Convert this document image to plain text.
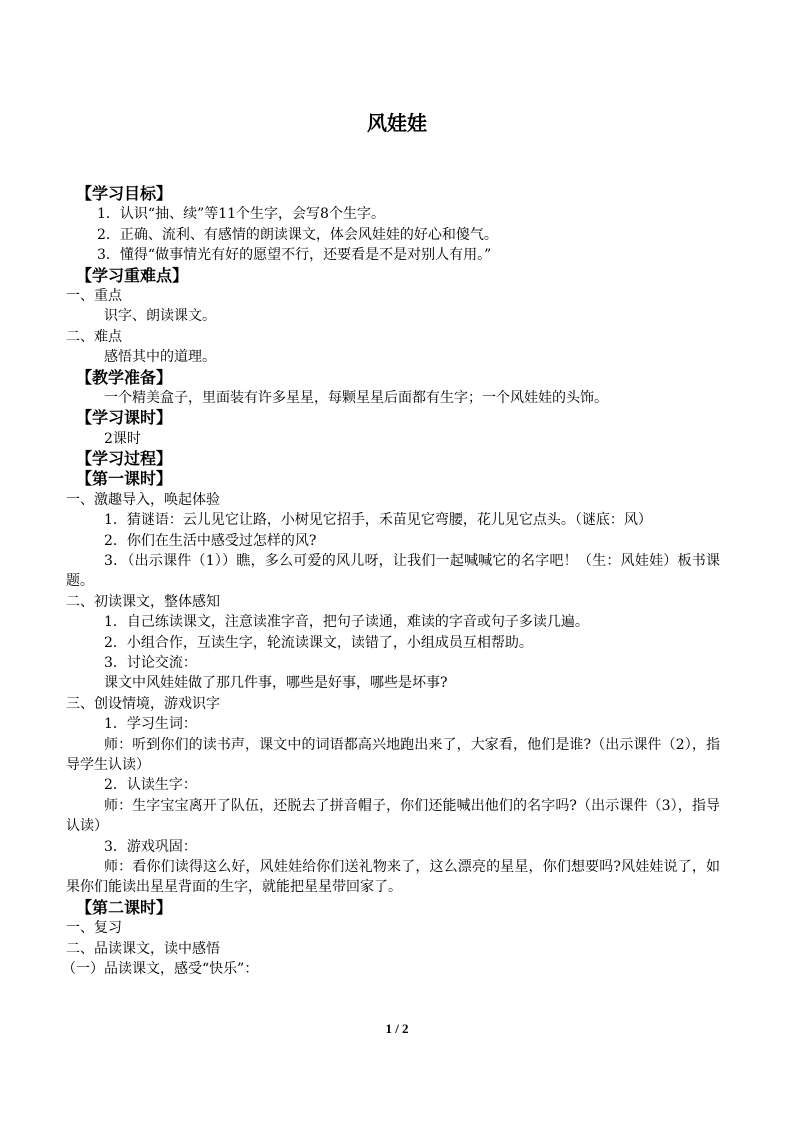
风娃娃
【学习目标】
1．认识“抽、续”等11个生字，会写8个生字。
2．正确、流利、有感情的朗读课文，体会风娃娃的好心和傻气。
3．懂得“做事情光有好的愿望不行，还要看是不是对别人有用。”
【学习重难点】
一、重点
识字、朗读课文。
二、难点
感悟其中的道理。
【教学准备】
一个精美盒子，里面装有许多星星，每颗星星后面都有生字；一个风娃娃的头饰。
【学习课时】
2课时
【学习过程】
【第一课时】
一、激趣导入，唤起体验
1．猜谜语：云儿见它让路，小树见它招手，禾苗见它弯腰，花儿见它点头。（谜底：风）
2．你们在生活中感受过怎样的风?
3．（出示课件（1））瞧，多么可爱的风儿呀，让我们一起喊喊它的名字吧！（生：风娃娃）板书课题。
二、初读课文，整体感知
1．自己练读课文，注意读准字音，把句子读通，难读的字音或句子多读几遍。
2．小组合作，互读生字，轮流读课文，读错了，小组成员互相帮助。
3．讨论交流：
课文中风娃娃做了那几件事，哪些是好事，哪些是坏事?
三、创设情境，游戏识字
1．学习生词：
师：听到你们的读书声，课文中的词语都高兴地跑出来了，大家看，他们是谁?（出示课件（2），指导学生认读）
2．认读生字：
师：生字宝宝离开了队伍，还脱去了拼音帽子，你们还能喊出他们的名字吗?（出示课件（3），指导认读）
3．游戏巩固：
师：看你们读得这么好，风娃娃给你们送礼物来了，这么漂亮的星星，你们想要吗?风娃娃说了，如果你们能读出星星背面的生字，就能把星星带回家了。
【第二课时】
一、复习
二、品读课文，读中感悟
（一）品读课文，感受“快乐”：
1 / 2
